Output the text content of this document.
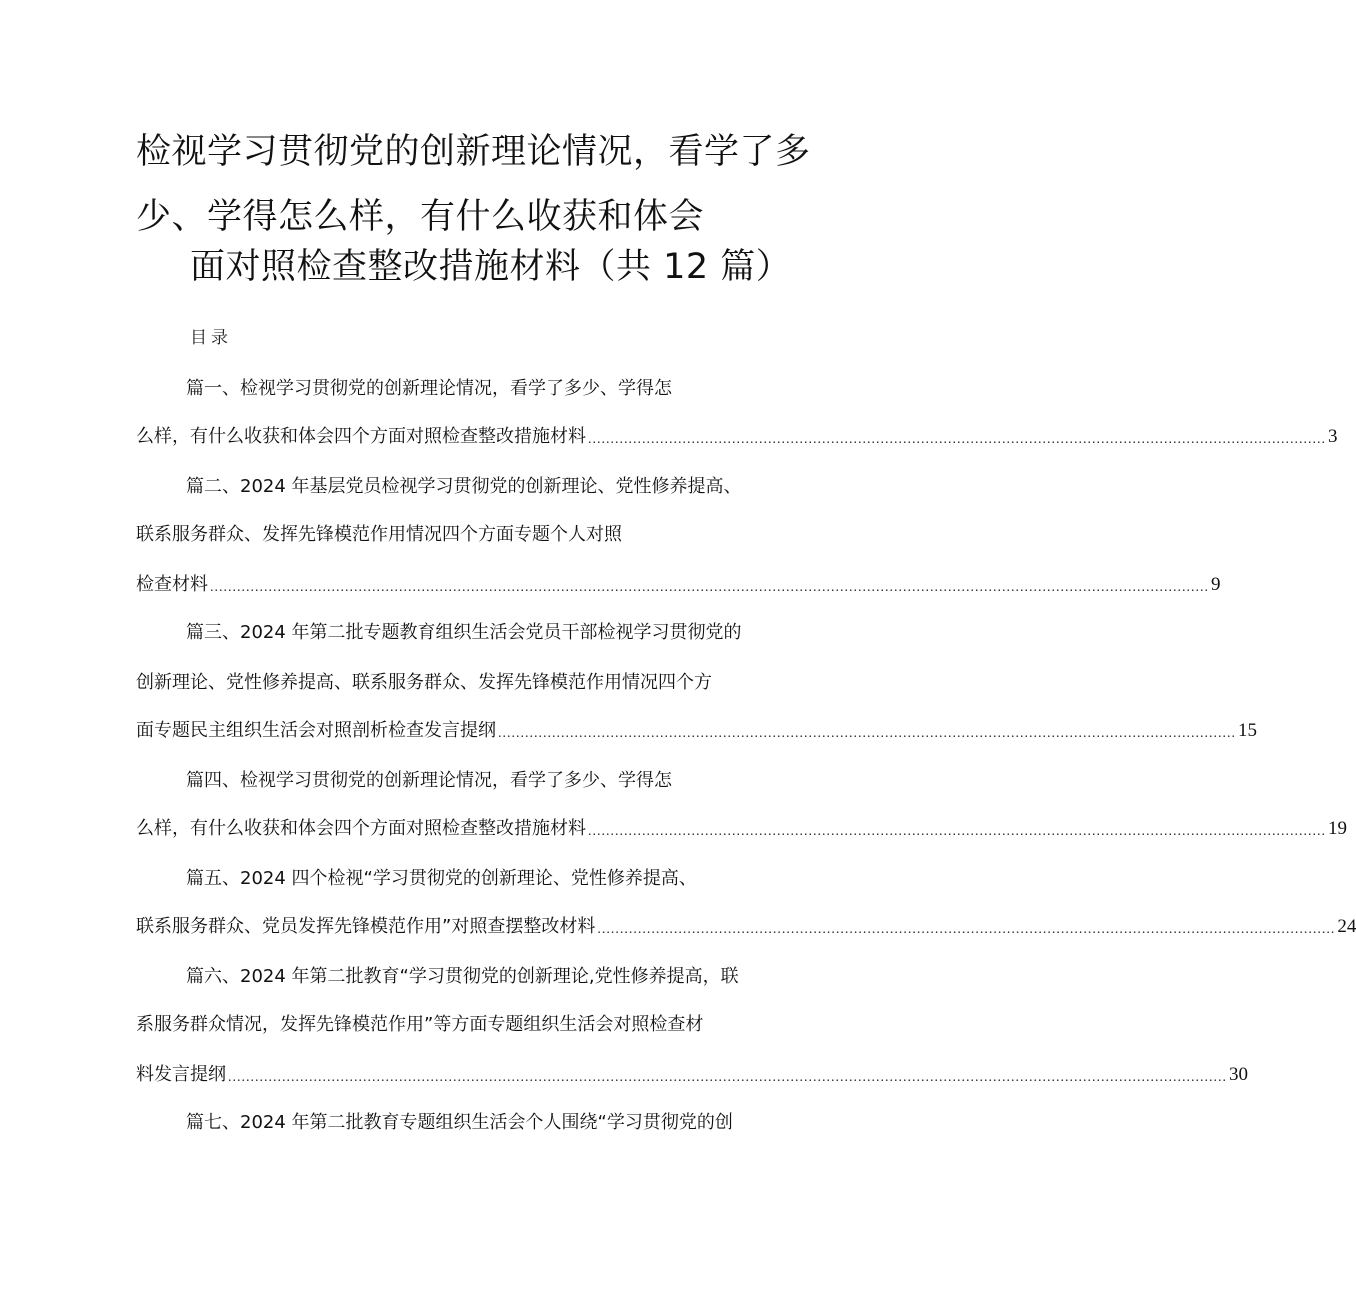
检视学习贯彻党的创新理论情况，看学了多
少、学得怎么样，有什么收获和体会
面对照检查整改措施材料（共 12 篇）
目录
篇一、检视学习贯彻党的创新理论情况，看学了多少、学得怎
么样，有什么收获和体会四个方面对照检查整改措施材料 .................................................................................................................................................................... 3
篇二、2024 年基层党员检视学习贯彻党的创新理论、党性修养提高、
联系服务群众、发挥先锋模范作用情况四个方面专题个人对照
检查材料 .............................................................................................................................................................................................................................. 9
篇三、2024 年第二批专题教育组织生活会党员干部检视学习贯彻党的
创新理论、党性修养提高、联系服务群众、发挥先锋模范作用情况四个方
面专题民主组织生活会对照剖析检查发言提纲 .................................................................................................................................................................... 15
篇四、检视学习贯彻党的创新理论情况，看学了多少、学得怎
么样，有什么收获和体会四个方面对照检查整改措施材料 .................................................................................................................................................................... 19
篇五、2024 四个检视“学习贯彻党的创新理论、党性修养提高、
联系服务群众、党员发挥先锋模范作用”对照查摆整改材料 .................................................................................................................................................................... 24
篇六、2024 年第二批教育“学习贯彻党的创新理论,党性修养提高，联
系服务群众情况，发挥先锋模范作用”等方面专题组织生活会对照检查材
料发言提纲 .............................................................................................................................................................................................................................. 30
篇七、2024 年第二批教育专题组织生活会个人围绕“学习贯彻党的创
